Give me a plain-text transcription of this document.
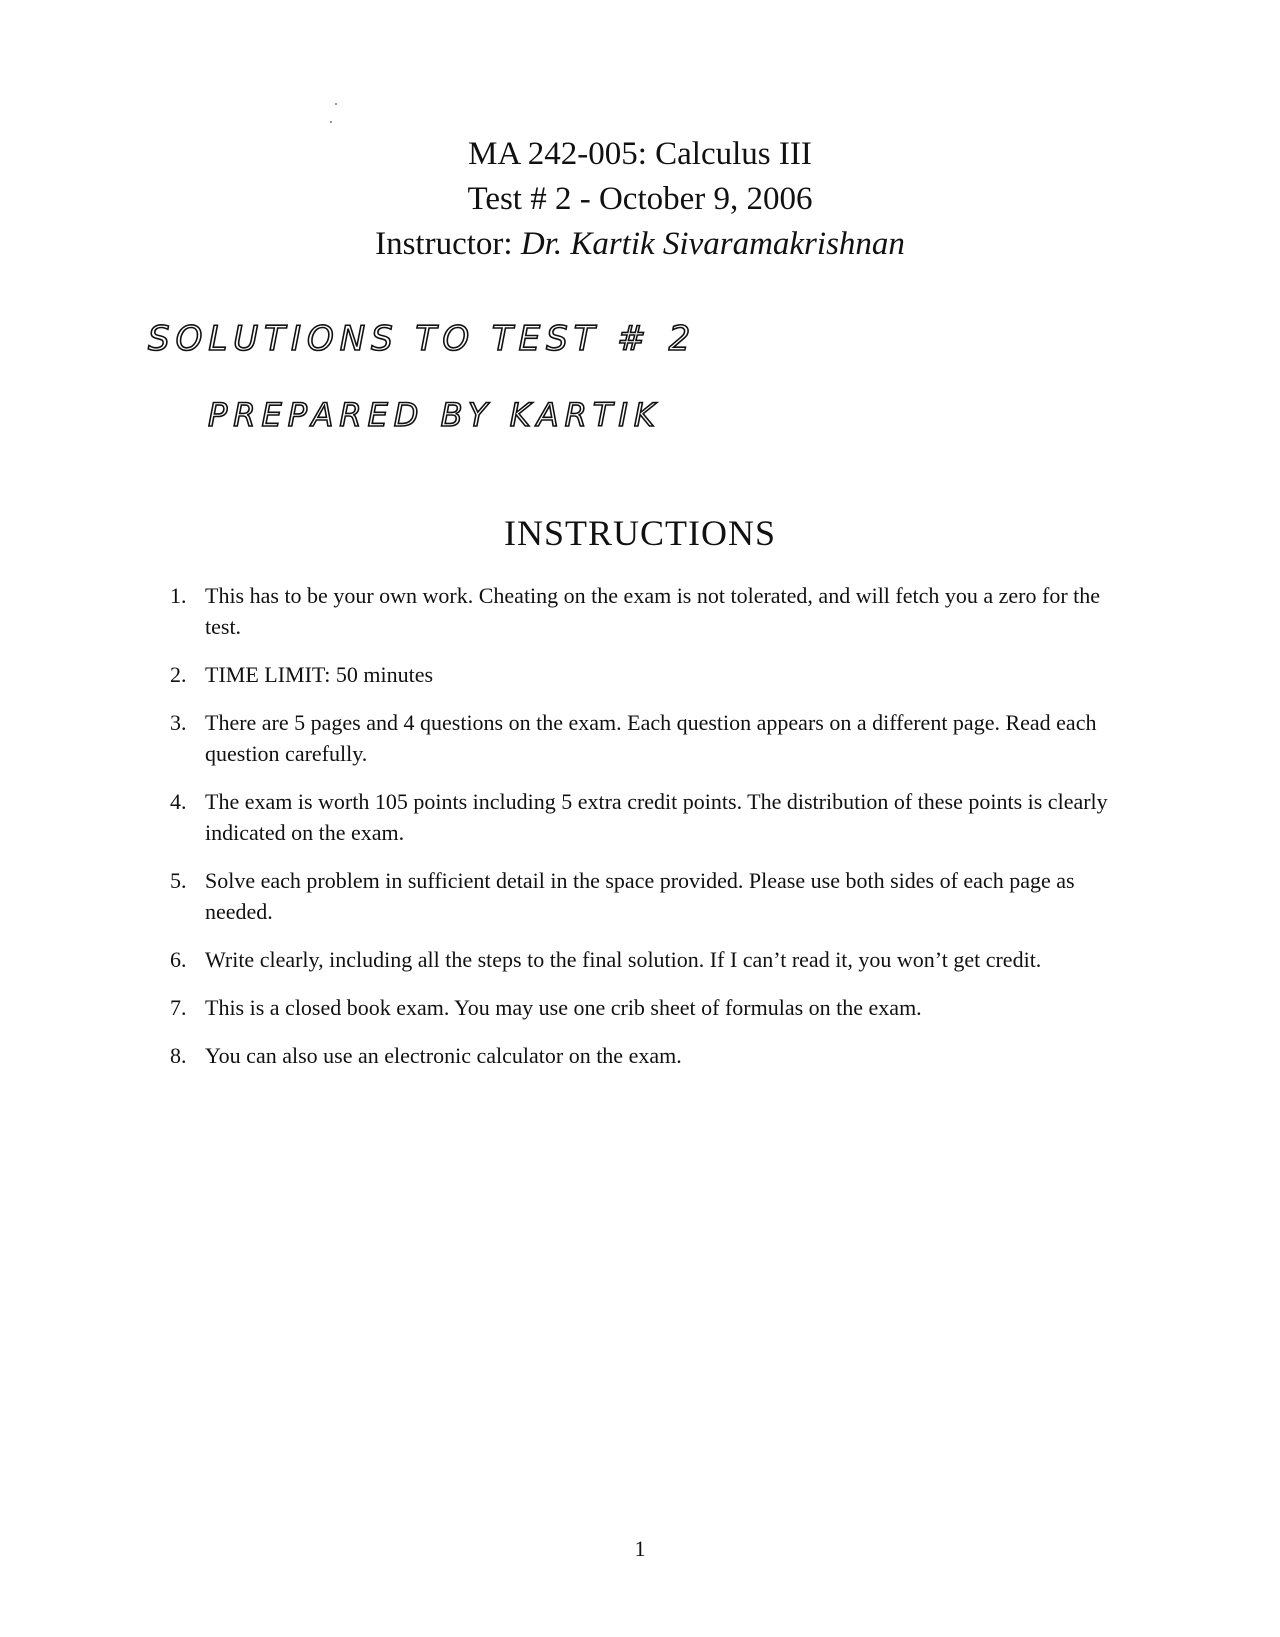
MA 242-005: Calculus III
Test # 2 - October 9, 2006
Instructor: Dr. Kartik Sivaramakrishnan
SOLUTIONS TO TEST # 2
PREPARED BY KARTIK
INSTRUCTIONS
1. This has to be your own work. Cheating on the exam is not tolerated, and will fetch you a zero for the test.
2. TIME LIMIT: 50 minutes
3. There are 5 pages and 4 questions on the exam. Each question appears on a different page. Read each question carefully.
4. The exam is worth 105 points including 5 extra credit points. The distribution of these points is clearly indicated on the exam.
5. Solve each problem in sufficient detail in the space provided. Please use both sides of each page as needed.
6. Write clearly, including all the steps to the final solution. If I can’t read it, you won’t get credit.
7. This is a closed book exam. You may use one crib sheet of formulas on the exam.
8. You can also use an electronic calculator on the exam.
1
